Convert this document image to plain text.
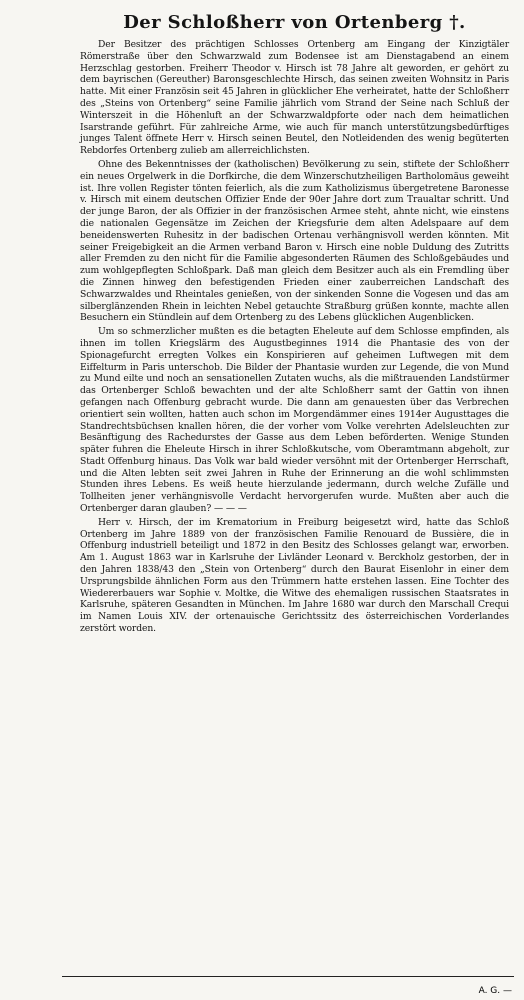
Der Schloßherr von Ortenberg †.

Der Besitzer des prächtigen Schlosses Ortenberg am Eingang der Kinzigtäler Römerstraße über den Schwarzwald zum Bodensee ist am Dienstagabend an einem Herzschlag gestorben. Freiherr Theodor v. Hirsch ist 78 Jahre alt geworden, er gehört zu dem bayrischen (Gereuther) Baronsgeschlechte Hirsch, das seinen zweiten Wohnsitz in Paris hatte. Mit einer Französin seit 45 Jahren in glücklicher Ehe verheiratet, hatte der Schloßherr des „Steins von Ortenberg“ seine Familie jährlich vom Strand der Seine nach Schluß der Winterszeit in die Höhenluft an der Schwarzwaldpforte oder nach dem heimatlichen Isarstrande geführt. Für zahlreiche Arme, wie auch für manch unterstützungsbedürftiges junges Talent öffnete Herr v. Hirsch seinen Beutel, den Notleidenden des wenig begüterten Rebdorfes Ortenberg zulieb am allerreichlichsten.

Ohne des Bekenntnisses der (katholischen) Bevölkerung zu sein, stiftete der Schloßherr ein neues Orgelwerk in die Dorfkirche, die dem Winzerschutzheiligen Bartholomäus geweiht ist. Ihre vollen Register tönten feierlich, als die zum Katholizismus übergetretene Baronesse v. Hirsch mit einem deutschen Offizier Ende der 90er Jahre dort zum Traualtar schritt. Und der junge Baron, der als Offizier in der französischen Armee steht, ahnte nicht, wie einstens die nationalen Gegensätze im Zeichen der Kriegsfurie dem alten Adelspaare auf dem beneidenswerten Ruhesitz in der badischen Ortenau verhängnisvoll werden könnten. Mit seiner Freigebigkeit an die Armen verband Baron v. Hirsch eine noble Duldung des Zutritts aller Fremden zu den nicht für die Familie abgesonderten Räumen des Schloßgebäudes und zum wohlgepflegten Schloßpark. Daß man gleich dem Besitzer auch als ein Fremdling über die Zinnen hinweg den befestigenden Frieden einer zauberreichen Landschaft des Schwarzwaldes und Rheintales genießen, von der sinkenden Sonne die Vogesen und das am silberglänzenden Rhein in leichten Nebel getauchte Straßburg grüßen konnte, machte allen Besuchern ein Stündlein auf dem Ortenberg zu des Lebens glücklichen Augenblicken.

Um so schmerzlicher mußten es die betagten Eheleute auf dem Schlosse empfinden, als ihnen im tollen Kriegslärm des Augustbeginnes 1914 die Phantasie des von der Spionagefurcht erregten Volkes ein Konspirieren auf geheimen Luftwegen mit dem Eiffelturm in Paris unterschob. Die Bilder der Phantasie wurden zur Legende, die von Mund zu Mund eilte und noch an sensationellen Zutaten wuchs, als die mißtrauenden Landstürmer das Ortenberger Schloß bewachten und der alte Schloßherr samt der Gattin von ihnen gefangen nach Offenburg gebracht wurde. Die dann am genauesten über das Verbrechen orientiert sein wollten, hatten auch schon im Morgendämmer eines 1914er Augusttages die Standrechtsbüchsen knallen hören, die der vorher vom Volke verehrten Adelsleuchten zur Besänftigung des Rachedurstes der Gasse aus dem Leben beförderten. Wenige Stunden später fuhren die Eheleute Hirsch in ihrer Schloßkutsche, vom Oberamtmann abgeholt, zur Stadt Offenburg hinaus. Das Volk war bald wieder versöhnt mit der Ortenberger Herrschaft, und die Alten lebten seit zwei Jahren in Ruhe der Erinnerung an die wohl schlimmsten Stunden ihres Lebens. Es weiß heute hierzulande jedermann, durch welche Zufälle und Tollheiten jener verhängnisvolle Verdacht hervorgerufen wurde. Mußten aber auch die Ortenberger daran glauben? — — —

Herr v. Hirsch, der im Krematorium in Freiburg beigesetzt wird, hatte das Schloß Ortenberg im Jahre 1889 von der französischen Familie Renouard de Bussière, die in Offenburg industriell beteiligt und 1872 in den Besitz des Schlosses gelangt war, erworben. Am 1. August 1863 war in Karlsruhe der Livländer Leonard v. Berckholz gestorben, der in den Jahren 1838/43 den „Stein von Ortenberg“ durch den Baurat Eisenlohr in einer dem Ursprungsbilde ähnlichen Form aus den Trümmern hatte erstehen lassen. Eine Tochter des Wiedererbauers war Sophie v. Moltke, die Witwe des ehemaligen russischen Staatsrates in Karlsruhe, späteren Gesandten in München. Im Jahre 1680 war durch den Marschall Crequi im Namen Louis XIV. der ortenauische Gerichtssitz des österreichischen Vorderlandes zerstört worden.

A. G. —
